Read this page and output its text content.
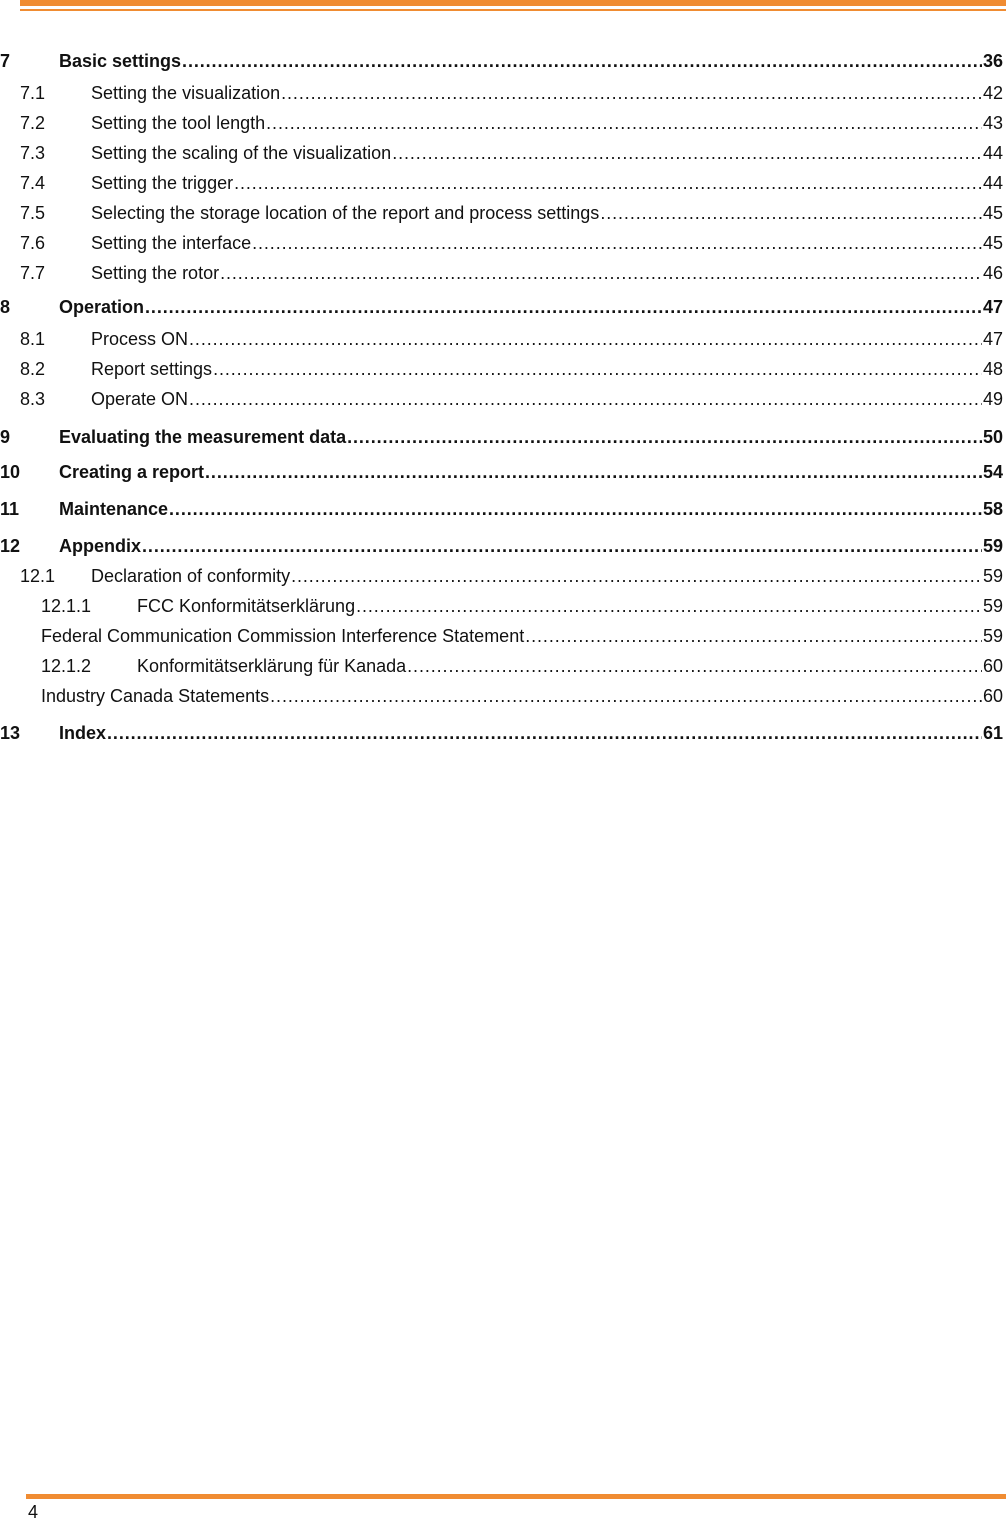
7	Basic settings .....	36
7.1	Setting the visualization .....	42
7.2	Setting the tool length .....	43
7.3	Setting the scaling of the visualization .....	44
7.4	Setting the trigger .....	44
7.5	Selecting the storage location of the report and process settings .....	45
7.6	Setting the interface .....	45
7.7	Setting the rotor .....	46
8	Operation .....	47
8.1	Process ON .....	47
8.2	Report settings .....	48
8.3	Operate ON .....	49
9	Evaluating the measurement data .....	50
10	Creating a report .....	54
11	Maintenance .....	58
12	Appendix .....	59
12.1	Declaration of conformity .....	59
12.1.1	FCC Konformitätserklärung .....	59
Federal Communication Commission Interference Statement .....	59
12.1.2	Konformitätserklärung für Kanada .....	60
Industry Canada Statements .....	60
13	Index .....	61
4
